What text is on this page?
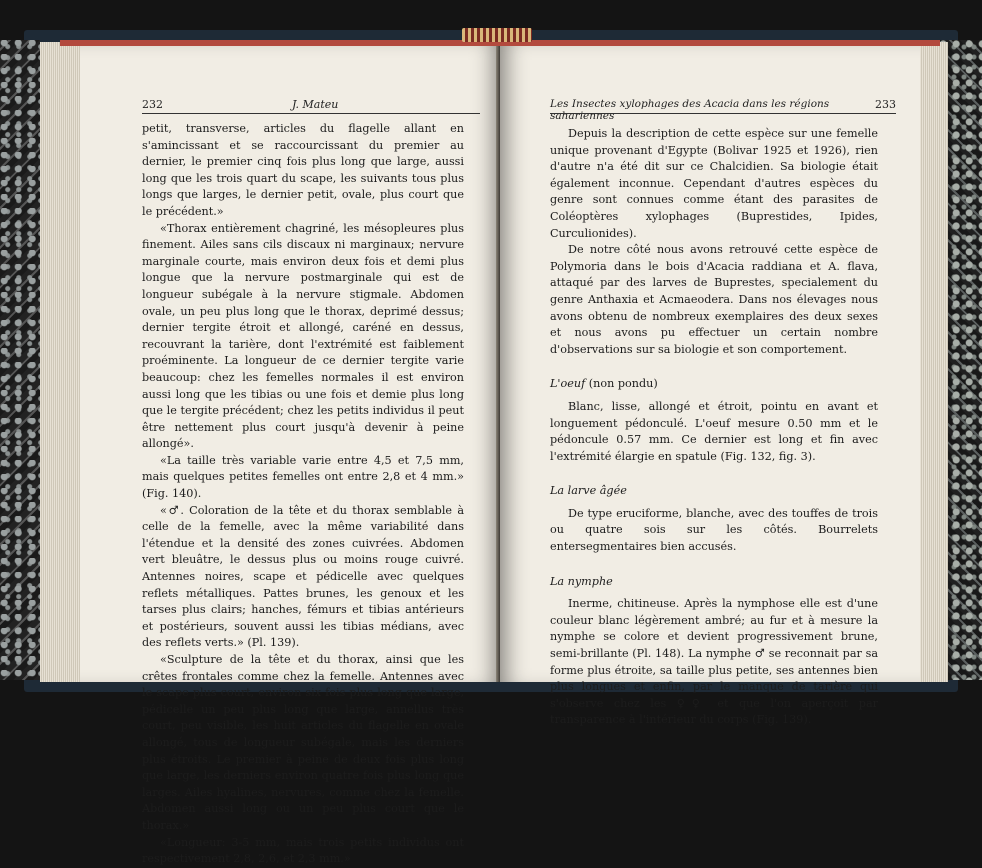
232	J. Mateu

petit, transverse, articles du flagelle allant en s'amincissant et se raccourcissant du premier au dernier, le premier cinq fois plus long que large, aussi long que les trois quart du scape, les suivants tous plus longs que larges, le dernier petit, ovale, plus court que le précédent.»

«Thorax entièrement chagriné, les mésopleures plus finement. Ailes sans cils discaux ni marginaux; nervure marginale courte, mais environ deux fois et demi plus longue que la nervure postmarginale qui est de longueur subégale à la nervure stigmale. Abdomen ovale, un peu plus long que le thorax, deprimé dessus; dernier tergite étroit et allongé, caréné en dessus, recouvrant la tarière, dont l'extrémité est faiblement proéminente. La longueur de ce dernier tergite varie beaucoup: chez les femelles normales il est environ aussi long que les tibias ou une fois et demie plus long que le tergite précédent; chez les petits individus il peut être nettement plus court jusqu'à devenir à peine allongé».

«La taille très variable varie entre 4,5 et 7,5 mm, mais quelques petites femelles ont entre 2,8 et 4 mm.» (Fig. 140).

«♂. Coloration de la tête et du thorax semblable à celle de la femelle, avec la même variabilité dans l'étendue et la densité des zones cuivrées. Abdomen vert bleuâtre, le dessus plus ou moins rouge cuivré. Antennes noires, scape et pédicelle avec quelques reflets métalliques. Pattes brunes, les genoux et les tarses plus clairs; hanches, fémurs et tibias antérieurs et postérieurs, souvent aussi les tibias médians, avec des reflets verts.» (Pl. 139).

«Sculpture de la tête et du thorax, ainsi que les crêtes frontales comme chez la femelle. Antennes avec le scape plus court, environ six fois plus long que large, pédicelle un peu plus long que large, annellus très court, peu visible, les huit articles du flagelle en ovale allongé, tous de longueur subégale, mais les derniers plus étroits. Le premier à peine de deux fois plus long que large, les derniers environ quatre fois plus long que larges. Ailes hyalines, nervures, comme chez la femelle. Abdomen aussi long ou un peu plus court que le thorax.»

«Longueur: 3-5 mm, mais trois petits individus ont respectivement 2,8, 2,6, et 2,3 mm.»

Les Insectes xylophages des Acacia dans les régions sahariennes
233

Depuis la description de cette espèce sur une femelle unique provenant d'Egypte (Bolivar 1925 et 1926), rien d'autre n'a été dit sur ce Chalcidien. Sa biologie était également inconnue. Cependant d'autres espèces du genre sont connues comme étant des parasites de Coléoptères xylophages (Buprestides, Ipides, Curculionides).

De notre côté nous avons retrouvé cette espèce de Polymoria dans le bois d'Acacia raddiana et A. flava, attaqué par des larves de Buprestes, specialement du genre Anthaxia et Acmaeodera. Dans nos élevages nous avons obtenu de nombreux exemplaires des deux sexes et nous avons pu effectuer un certain nombre d'observations sur sa biologie et son comportement.

L'oeuf (non pondu)

Blanc, lisse, allongé et étroit, pointu en avant et longuement pédonculé. L'oeuf mesure 0.50 mm et le pédoncule 0.57 mm. Ce dernier est long et fin avec l'extrémité élargie en spatule (Fig. 132, fig. 3).

La larve âgée

De type eruciforme, blanche, avec des touffes de trois ou quatre sois sur les côtés. Bourrelets entersegmentaires bien accusés.

La nymphe

Inerme, chitineuse. Après la nymphose elle est d'une couleur blanc légèrement ambré; au fur et à mesure la nymphe se colore et devient progressivement brune, semi-brillante (Pl. 148). La nymphe ♂ se reconnait par sa forme plus étroite, sa taille plus petite, ses antennes bien plus longues et enfin, par le manque de tarière qui s'observe chez les ♀♀ et que l'on aperçoit par transparence à l'intérieur du corps (Fig. 139).
